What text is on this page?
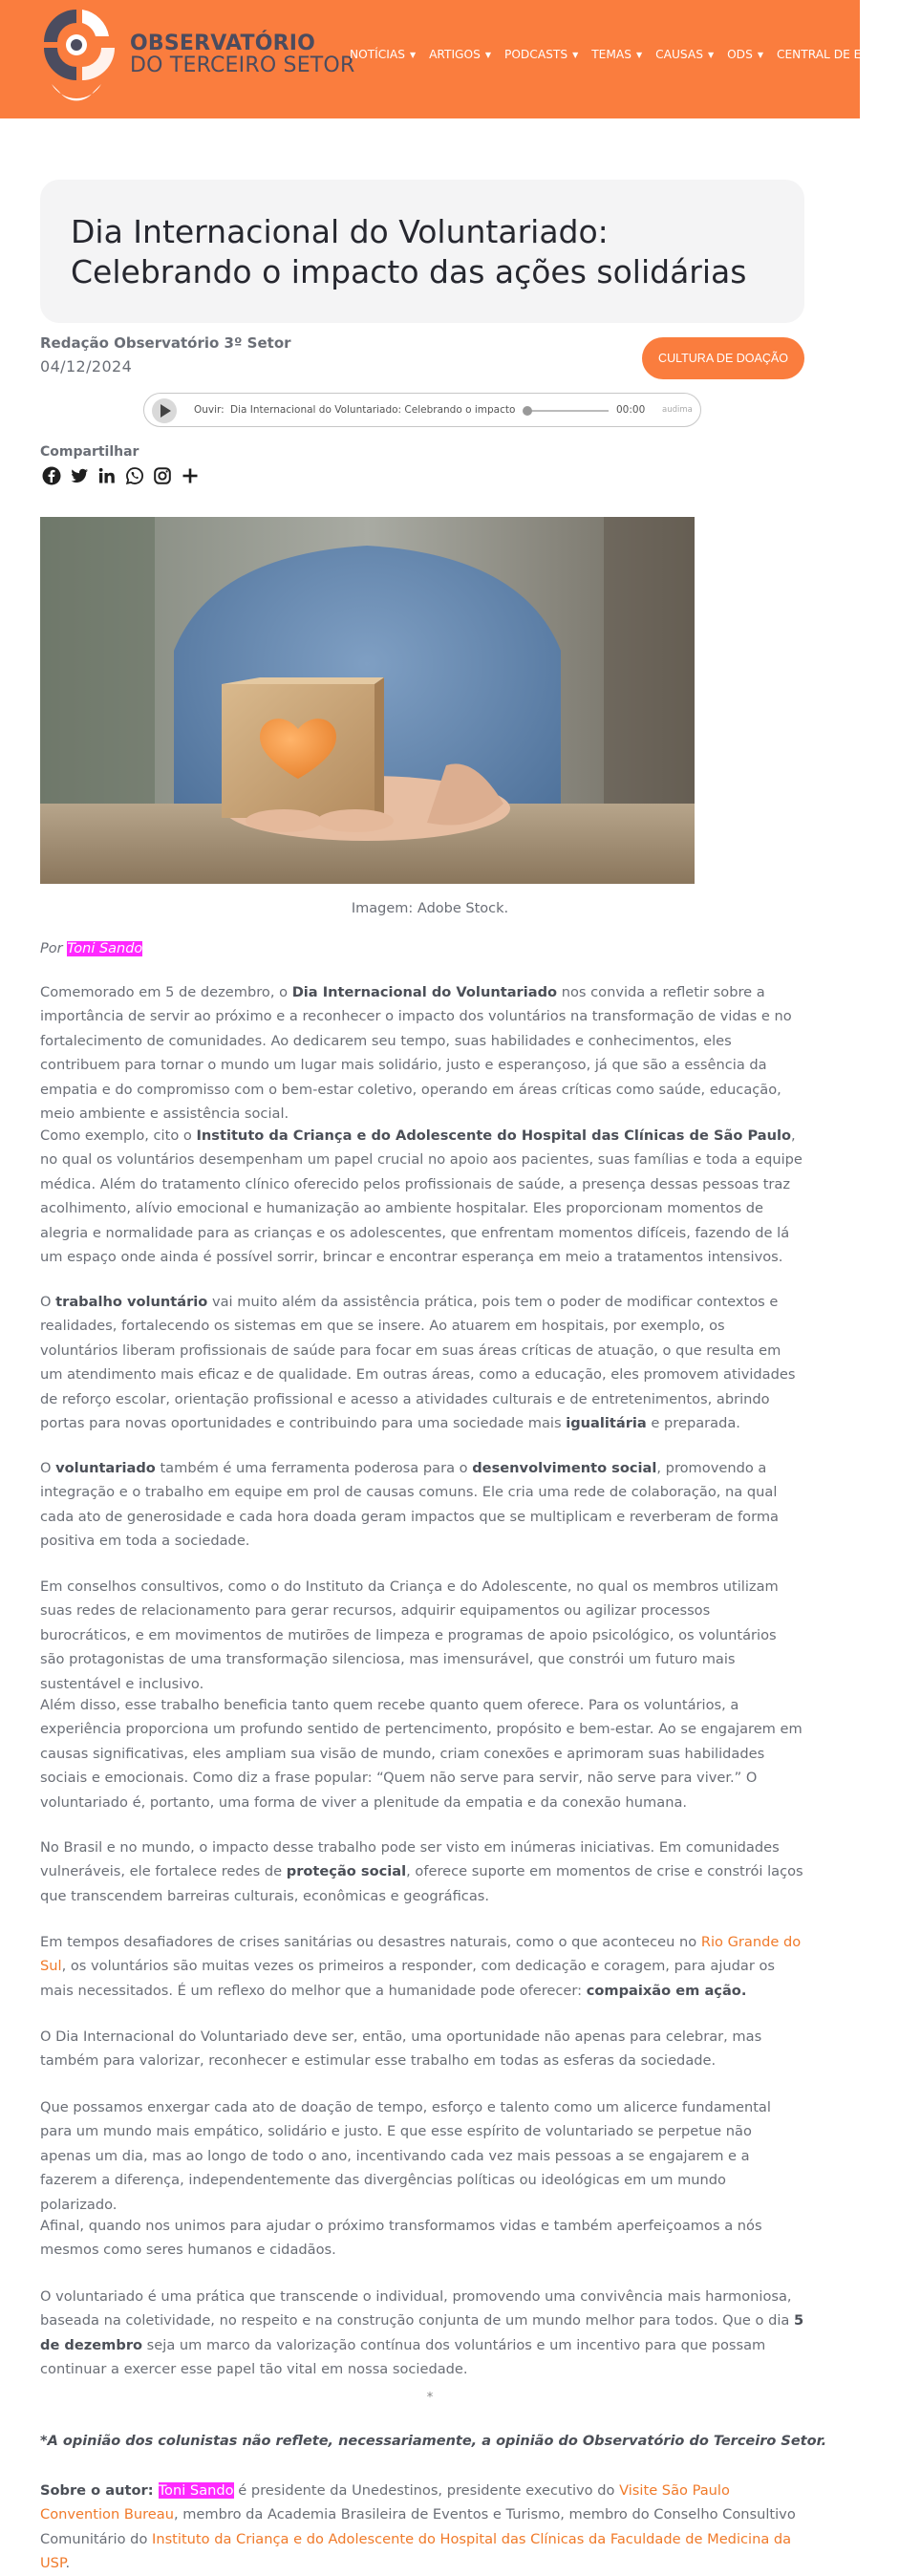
OBSERVATÓRIO
DO TERCEIRO SETOR
NOTÍCIAS ▼ ARTIGOS ▼ PODCASTS ▼ TEMAS ▼ CAUSAS ▼ ODS ▼ CENTRAL DE EDITAIS
Dia Internacional do Voluntariado: Celebrando o impacto das ações solidárias
Redação Observatório 3º Setor
04/12/2024	CULTURA DE DOAÇÃO
Ouvir: Dia Internacional do Voluntariado: Celebrando o impacto	00:00 audima
Compartilhar
Imagem: Adobe Stock.
Por Toni Sando

Comemorado em 5 de dezembro, o Dia Internacional do Voluntariado nos convida a refletir sobre a importância de servir ao próximo e a reconhecer o impacto dos voluntários na transformação de vidas e no fortalecimento de comunidades. Ao dedicarem seu tempo, suas habilidades e conhecimentos, eles contribuem para tornar o mundo um lugar mais solidário, justo e esperançoso, já que são a essência da empatia e do compromisso com o bem-estar coletivo, operando em áreas críticas como saúde, educação, meio ambiente e assistência social.

Como exemplo, cito o Instituto da Criança e do Adolescente do Hospital das Clínicas de São Paulo, no qual os voluntários desempenham um papel crucial no apoio aos pacientes, suas famílias e toda a equipe médica. Além do tratamento clínico oferecido pelos profissionais de saúde, a presença dessas pessoas traz acolhimento, alívio emocional e humanização ao ambiente hospitalar. Eles proporcionam momentos de alegria e normalidade para as crianças e os adolescentes, que enfrentam momentos difíceis, fazendo de lá um espaço onde ainda é possível sorrir, brincar e encontrar esperança em meio a tratamentos intensivos.

O trabalho voluntário vai muito além da assistência prática, pois tem o poder de modificar contextos e realidades, fortalecendo os sistemas em que se insere. Ao atuarem em hospitais, por exemplo, os voluntários liberam profissionais de saúde para focar em suas áreas críticas de atuação, o que resulta em um atendimento mais eficaz e de qualidade. Em outras áreas, como a educação, eles promovem atividades de reforço escolar, orientação profissional e acesso a atividades culturais e de entretenimentos, abrindo portas para novas oportunidades e contribuindo para uma sociedade mais igualitária e preparada.

O voluntariado também é uma ferramenta poderosa para o desenvolvimento social, promovendo a integração e o trabalho em equipe em prol de causas comuns. Ele cria uma rede de colaboração, na qual cada ato de generosidade e cada hora doada geram impactos que se multiplicam e reverberam de forma positiva em toda a sociedade.

Em conselhos consultivos, como o do Instituto da Criança e do Adolescente, no qual os membros utilizam suas redes de relacionamento para gerar recursos, adquirir equipamentos ou agilizar processos burocráticos, e em movimentos de mutirões de limpeza e programas de apoio psicológico, os voluntários são protagonistas de uma transformação silenciosa, mas imensurável, que constrói um futuro mais sustentável e inclusivo.

Além disso, esse trabalho beneficia tanto quem recebe quanto quem oferece. Para os voluntários, a experiência proporciona um profundo sentido de pertencimento, propósito e bem-estar. Ao se engajarem em causas significativas, eles ampliam sua visão de mundo, criam conexões e aprimoram suas habilidades sociais e emocionais. Como diz a frase popular: “Quem não serve para servir, não serve para viver.” O voluntariado é, portanto, uma forma de viver a plenitude da empatia e da conexão humana.

No Brasil e no mundo, o impacto desse trabalho pode ser visto em inúmeras iniciativas. Em comunidades vulneráveis, ele fortalece redes de proteção social, oferece suporte em momentos de crise e constrói laços que transcendem barreiras culturais, econômicas e geográficas.

Em tempos desafiadores de crises sanitárias ou desastres naturais, como o que aconteceu no Rio Grande do Sul, os voluntários são muitas vezes os primeiros a responder, com dedicação e coragem, para ajudar os mais necessitados. É um reflexo do melhor que a humanidade pode oferecer: compaixão em ação.

O Dia Internacional do Voluntariado deve ser, então, uma oportunidade não apenas para celebrar, mas também para valorizar, reconhecer e estimular esse trabalho em todas as esferas da sociedade.

Que possamos enxergar cada ato de doação de tempo, esforço e talento como um alicerce fundamental para um mundo mais empático, solidário e justo. E que esse espírito de voluntariado se perpetue não apenas um dia, mas ao longo de todo o ano, incentivando cada vez mais pessoas a se engajarem e a fazerem a diferença, independentemente das divergências políticas ou ideológicas em um mundo polarizado.

Afinal, quando nos unimos para ajudar o próximo transformamos vidas e também aperfeiçoamos a nós mesmos como seres humanos e cidadãos.

O voluntariado é uma prática que transcende o individual, promovendo uma convivência mais harmoniosa, baseada na coletividade, no respeito e na construção conjunta de um mundo melhor para todos. Que o dia 5 de dezembro seja um marco da valorização contínua dos voluntários e um incentivo para que possam continuar a exercer esse papel tão vital em nossa sociedade.

*
*A opinião dos colunistas não reflete, necessariamente, a opinião do Observatório do Terceiro Setor.

Sobre o autor: Toni Sando é presidente da Unedestinos, presidente executivo do Visite São Paulo Convention Bureau, membro da Academia Brasileira de Eventos e Turismo, membro do Conselho Consultivo Comunitário do Instituto da Criança e do Adolescente do Hospital das Clínicas da Faculdade de Medicina da USP.
